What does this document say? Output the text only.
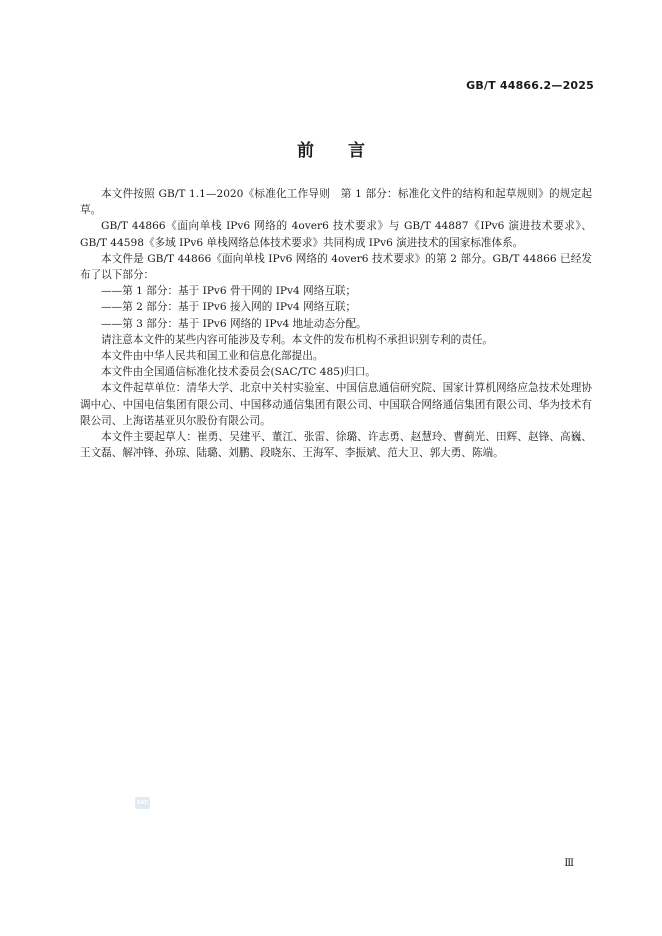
GB/T 44866.2—2025
前 言

本文件按照 GB/T 1.1—2020《标准化工作导则　第 1 部分：标准化文件的结构和起草规则》的规定起草。

GB/T 44866《面向单栈 IPv6 网络的 4over6 技术要求》与 GB/T 44887《IPv6 演进技术要求》、GB/T 44598《多域 IPv6 单栈网络总体技术要求》共同构成 IPv6 演进技术的国家标准体系。

本文件是 GB/T 44866《面向单栈 IPv6 网络的 4over6 技术要求》的第 2 部分。GB/T 44866 已经发布了以下部分：

——第 1 部分：基于 IPv6 骨干网的 IPv4 网络互联；

——第 2 部分：基于 IPv6 接入网的 IPv4 网络互联；

——第 3 部分：基于 IPv6 网络的 IPv4 地址动态分配。

请注意本文件的某些内容可能涉及专利。本文件的发布机构不承担识别专利的责任。

本文件由中华人民共和国工业和信息化部提出。

本文件由全国通信标准化技术委员会(SAC/TC 485)归口。

本文件起草单位：清华大学、北京中关村实验室、中国信息通信研究院、国家计算机网络应急技术处理协调中心、中国电信集团有限公司、中国移动通信集团有限公司、中国联合网络通信集团有限公司、华为技术有限公司、上海诺基亚贝尔股份有限公司。

本文件主要起草人：崔勇、吴建平、董江、张雷、徐璐、许志勇、赵慧玲、曹蓟光、田辉、赵锋、高巍、王文磊、解冲锋、孙琼、陆璐、刘鹏、段晓东、王海军、李振斌、范大卫、郭大勇、陈端。

SAC
Ⅲ
